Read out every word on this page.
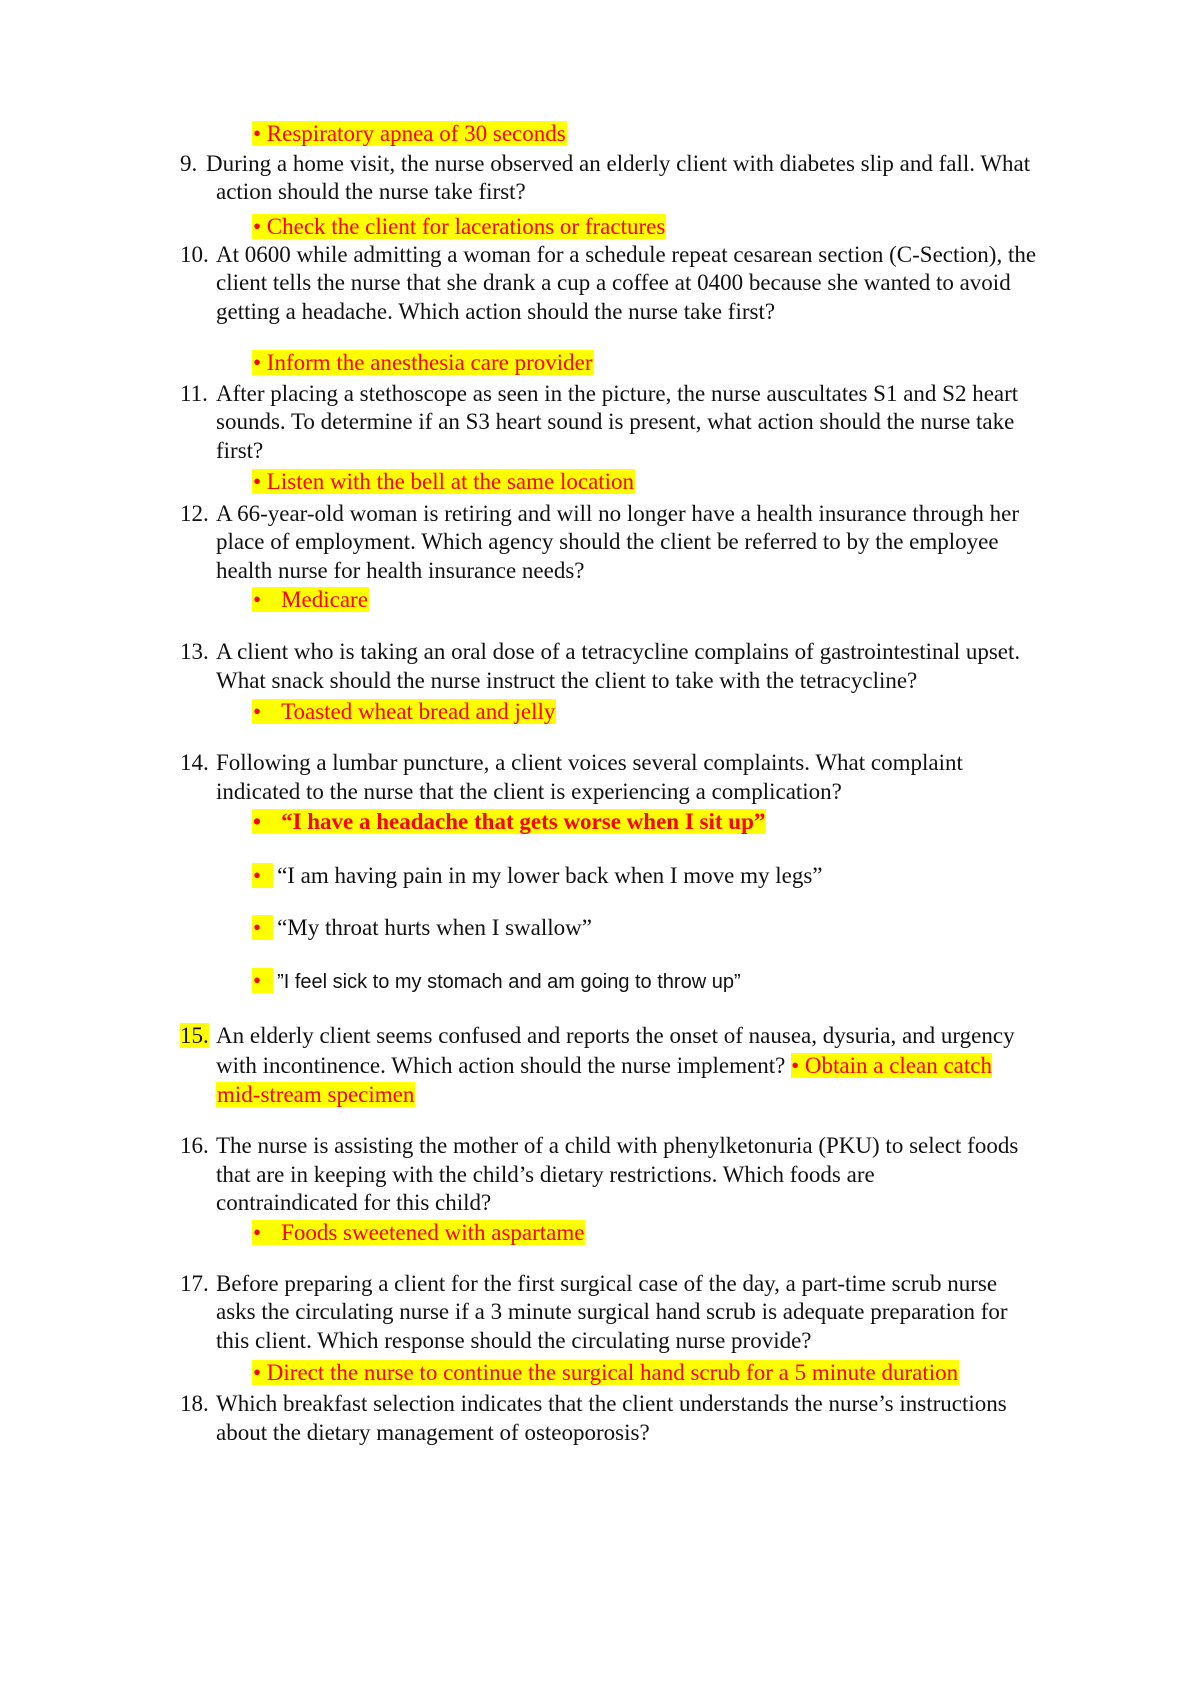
• Respiratory apnea of 30 seconds
9. During a home visit, the nurse observed an elderly client with diabetes slip and fall. What
action should the nurse take first?
• Check the client for lacerations or fractures
10. At 0600 while admitting a woman for a schedule repeat cesarean section (C-Section), the
client tells the nurse that she drank a cup a coffee at 0400 because she wanted to avoid
getting a headache. Which action should the nurse take first?
• Inform the anesthesia care provider
11. After placing a stethoscope as seen in the picture, the nurse auscultates S1 and S2 heart
sounds. To determine if an S3 heart sound is present, what action should the nurse take
first?
• Listen with the bell at the same location
12. A 66-year-old woman is retiring and will no longer have a health insurance through her
place of employment. Which agency should the client be referred to by the employee
health nurse for health insurance needs?
• Medicare
13. A client who is taking an oral dose of a tetracycline complains of gastrointestinal upset.
What snack should the nurse instruct the client to take with the tetracycline?
• Toasted wheat bread and jelly
14. Following a lumbar puncture, a client voices several complaints. What complaint
indicated to the nurse that the client is experiencing a complication?
• “I have a headache that gets worse when I sit up”
• “I am having pain in my lower back when I move my legs”
• “My throat hurts when I swallow”
• ”I feel sick to my stomach and am going to throw up”
15. An elderly client seems confused and reports the onset of nausea, dysuria, and urgency
with incontinence. Which action should the nurse implement? • Obtain a clean catch
mid-stream specimen
16. The nurse is assisting the mother of a child with phenylketonuria (PKU) to select foods
that are in keeping with the child’s dietary restrictions. Which foods are
contraindicated for this child?
• Foods sweetened with aspartame
17. Before preparing a client for the first surgical case of the day, a part-time scrub nurse
asks the circulating nurse if a 3 minute surgical hand scrub is adequate preparation for
this client. Which response should the circulating nurse provide?
• Direct the nurse to continue the surgical hand scrub for a 5 minute duration
18. Which breakfast selection indicates that the client understands the nurse’s instructions
about the dietary management of osteoporosis?
